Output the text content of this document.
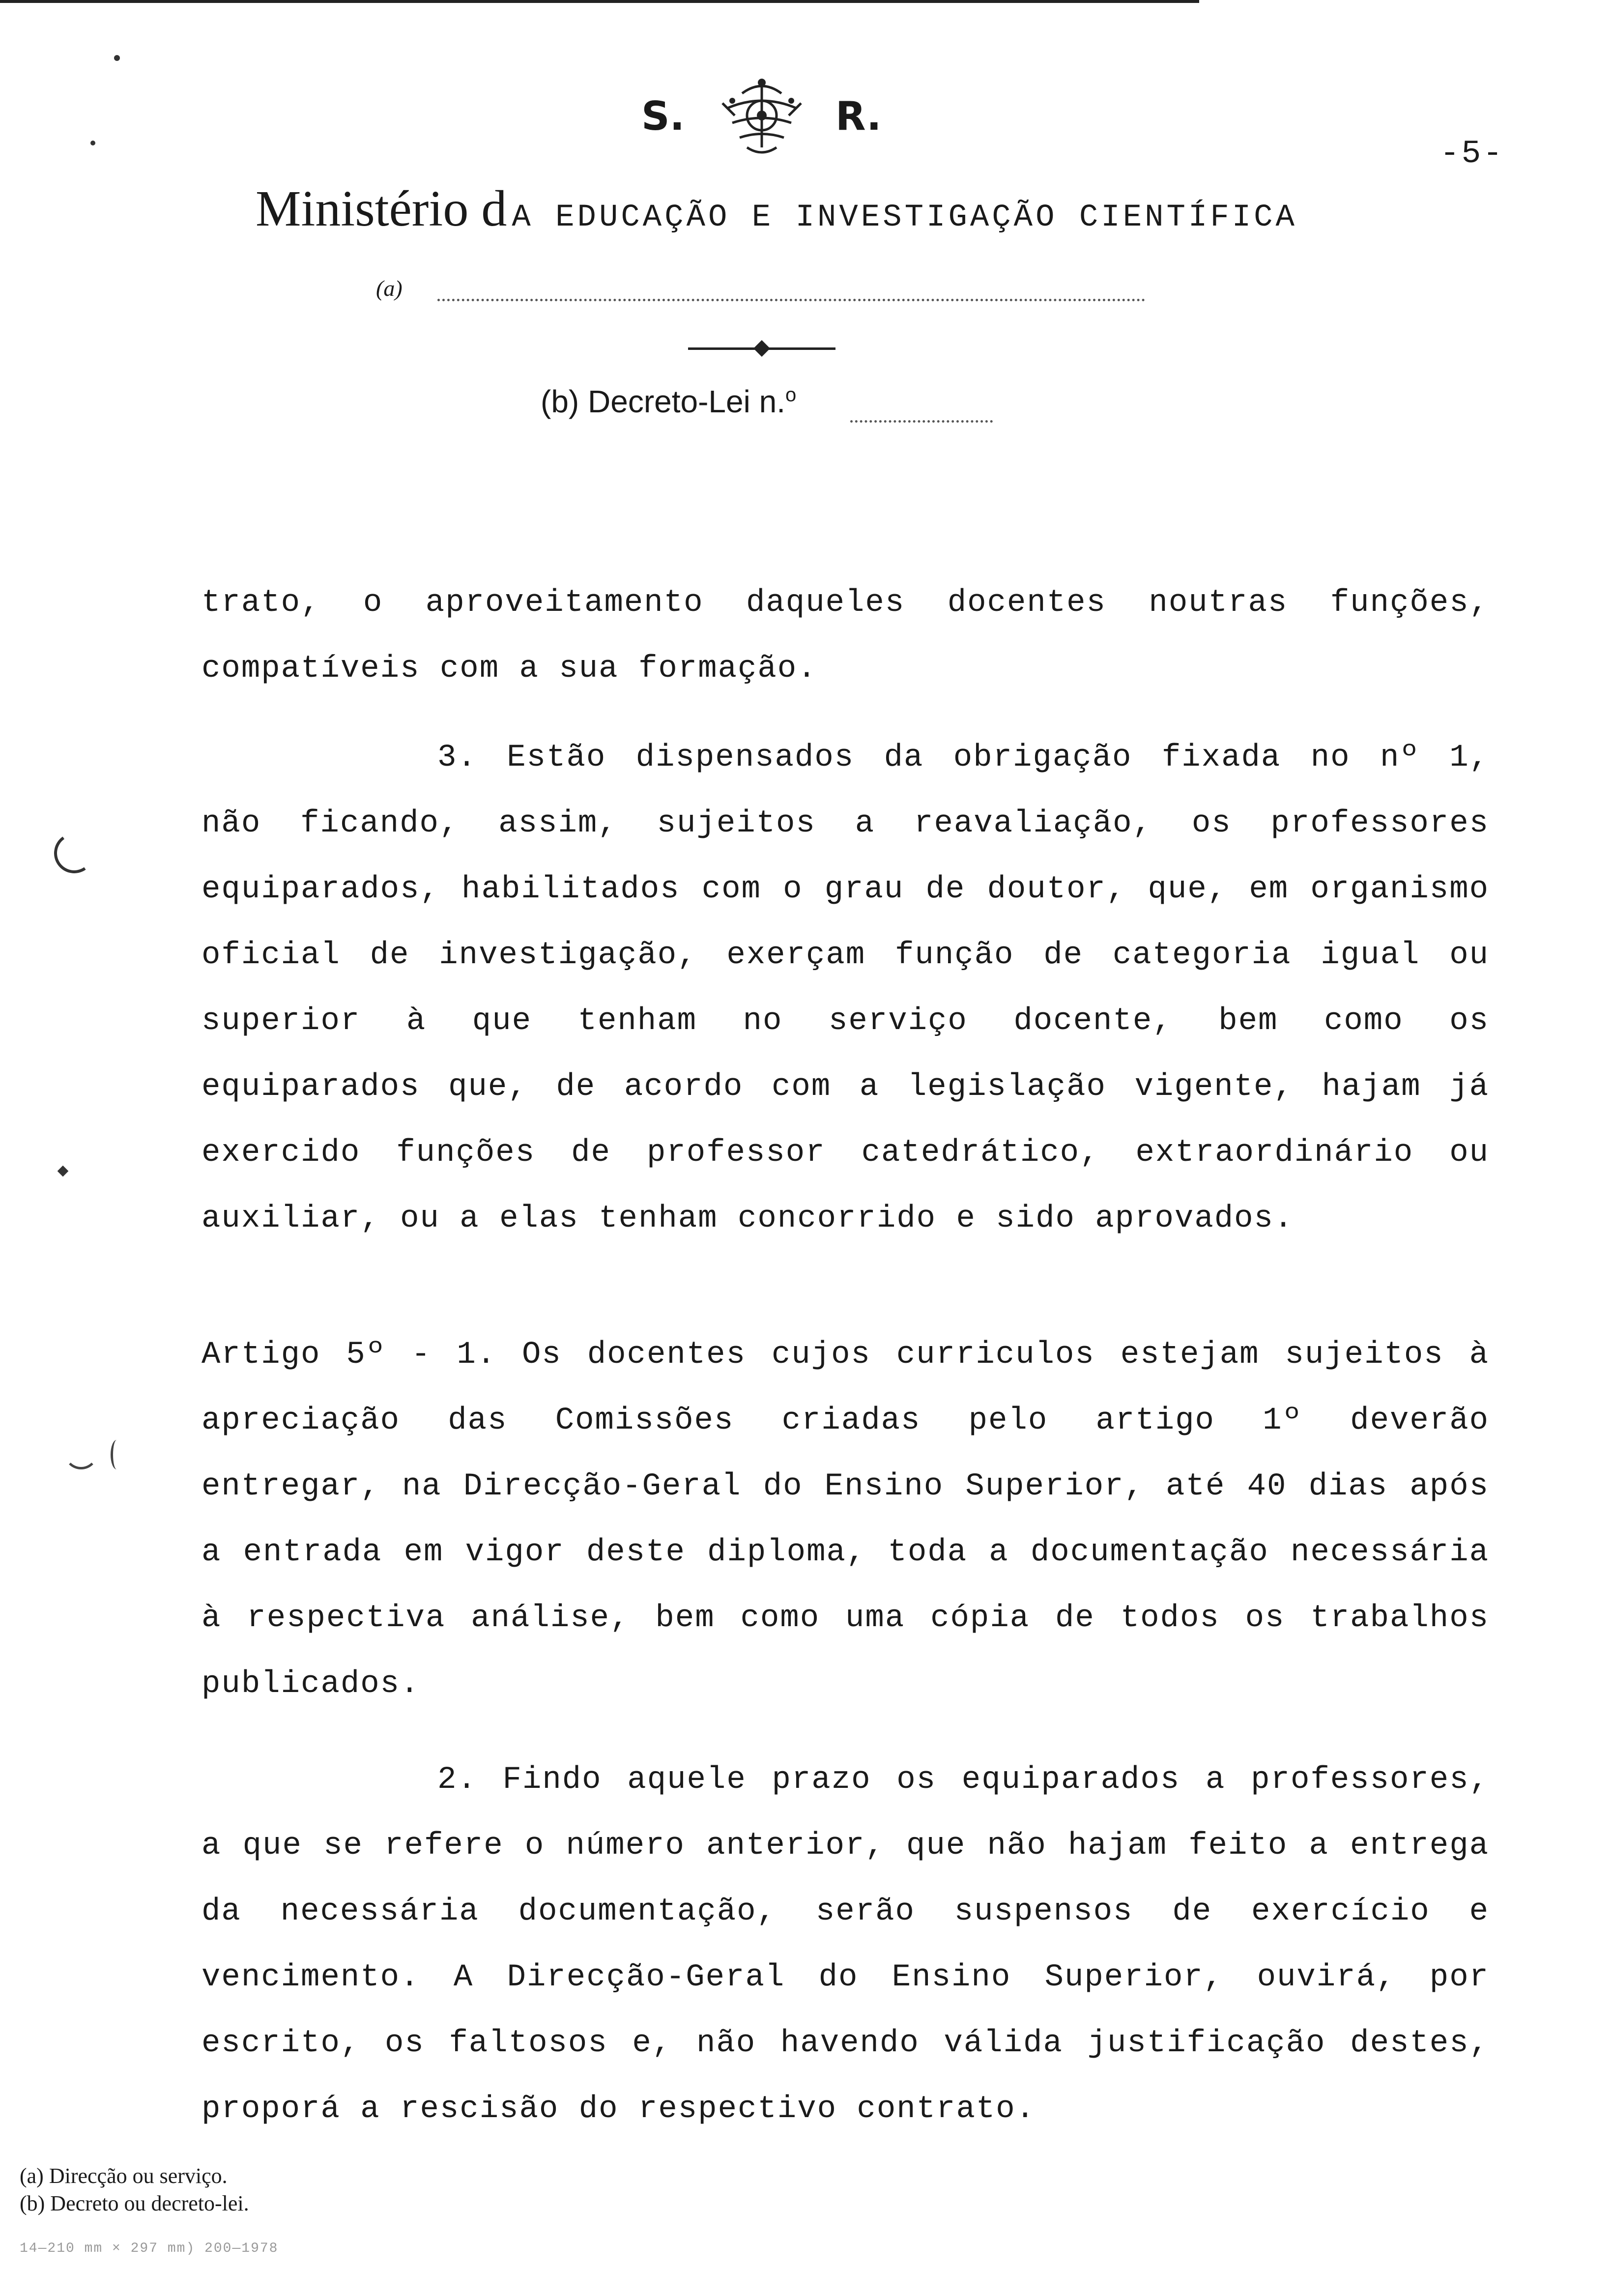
S.	R.
-5-
Ministério d A EDUCAÇÃO E INVESTIGAÇÃO CIENTÍFICA
(a)
(b) Decreto-Lei n.$^o$
trato, o aproveitamento daqueles docentes noutras funções, compatíveis com a sua formação.
3. Estão dispensados da obrigação fixada no nº 1, não ficando, assim, sujeitos a reavaliação, os professores equiparados, habilitados com o grau de doutor, que, em organismo oficial de investigação, exerçam função de categoria igual ou superior à que tenham no serviço docente, bem como os equiparados que, de acordo com a legislação vigente, hajam já exercido funções de professor catedrático, extraordinário ou auxiliar, ou a elas tenham concorrido e sido aprovados.
Artigo 5º - 1. Os docentes cujos curriculos estejam sujeitos à apreciação das Comissões criadas pelo artigo 1º deverão entregar, na Direcção-Geral do Ensino Superior, até 40 dias após a entrada em vigor deste diploma, toda a documentação necessária à respectiva análise, bem como uma cópia de todos os trabalhos publicados.
2. Findo aquele prazo os equiparados a professores, a que se refere o número anterior, que não hajam feito a entrega da necessária documentação, serão suspensos de exercício e vencimento. A Direcção-Geral do Ensino Superior, ouvirá, por escrito, os faltosos e, não havendo válida justificação destes, proporá a rescisão do respectivo contrato.
(a) Direcção ou serviço.
(b) Decreto ou decreto-lei.
14—210 mm × 297 mm) 200—1978
